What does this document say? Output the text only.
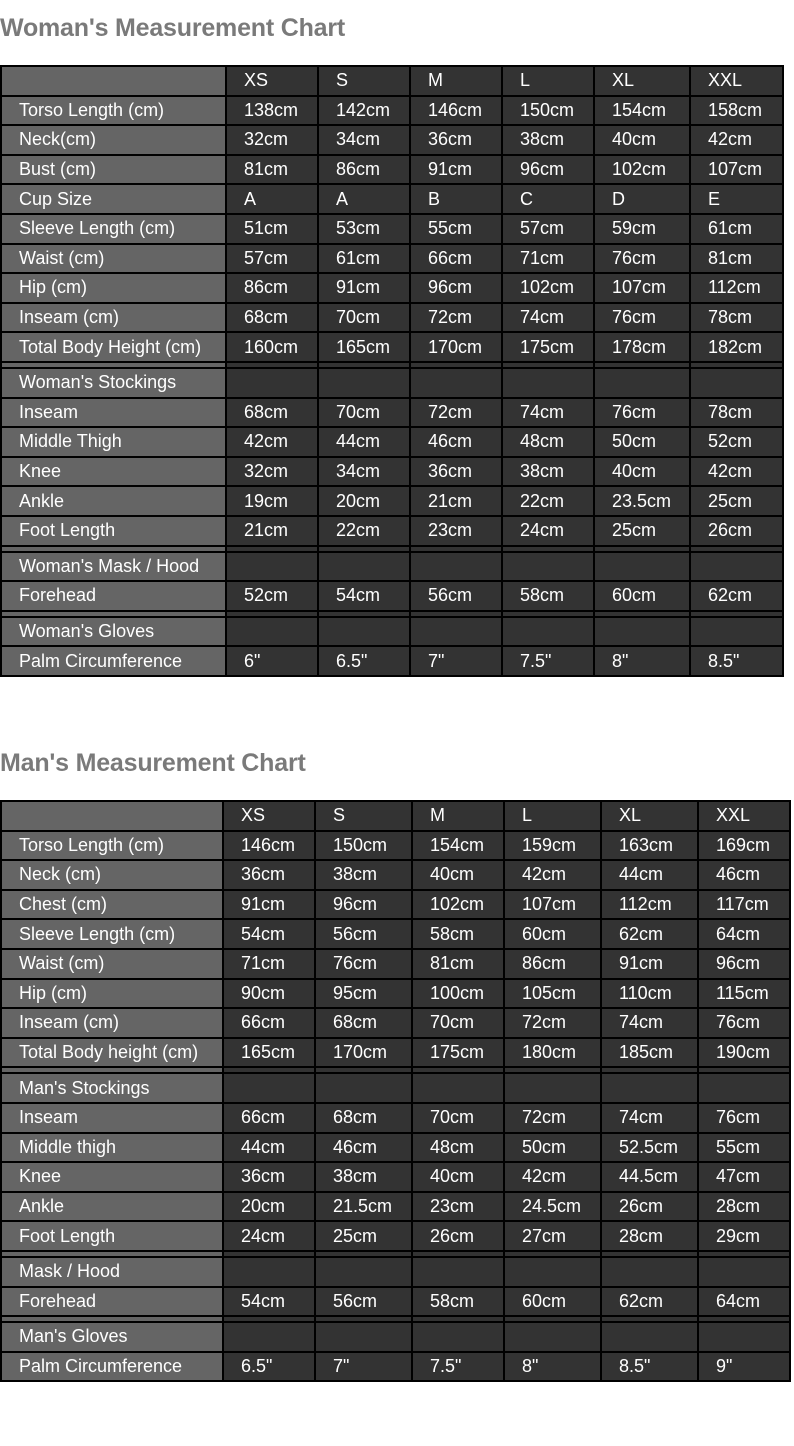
Woman's Measurement Chart
	XS	S	M	L	XL	XXL
Torso Length (cm)	138cm	142cm	146cm	150cm	154cm	158cm
Neck(cm)	32cm	34cm	36cm	38cm	40cm	42cm
Bust (cm)	81cm	86cm	91cm	96cm	102cm	107cm
Cup Size	A	A	B	C	D	E
Sleeve Length (cm)	51cm	53cm	55cm	57cm	59cm	61cm
Waist (cm)	57cm	61cm	66cm	71cm	76cm	81cm
Hip (cm)	86cm	91cm	96cm	102cm	107cm	112cm
Inseam (cm)	68cm	70cm	72cm	74cm	76cm	78cm
Total Body Height (cm)	160cm	165cm	170cm	175cm	178cm	182cm

Woman's Stockings						
Inseam	68cm	70cm	72cm	74cm	76cm	78cm
Middle Thigh	42cm	44cm	46cm	48cm	50cm	52cm
Knee	32cm	34cm	36cm	38cm	40cm	42cm
Ankle	19cm	20cm	21cm	22cm	23.5cm	25cm
Foot Length	21cm	22cm	23cm	24cm	25cm	26cm

Woman's Mask / Hood						
Forehead	52cm	54cm	56cm	58cm	60cm	62cm

Woman's Gloves						
Palm Circumference	6"	6.5"	7"	7.5"	8"	8.5"
Man's Measurement Chart
	XS	S	M	L	XL	XXL
Torso Length (cm)	146cm	150cm	154cm	159cm	163cm	169cm
Neck (cm)	36cm	38cm	40cm	42cm	44cm	46cm
Chest (cm)	91cm	96cm	102cm	107cm	112cm	117cm
Sleeve Length (cm)	54cm	56cm	58cm	60cm	62cm	64cm
Waist (cm)	71cm	76cm	81cm	86cm	91cm	96cm
Hip (cm)	90cm	95cm	100cm	105cm	110cm	115cm
Inseam (cm)	66cm	68cm	70cm	72cm	74cm	76cm
Total Body height (cm)	165cm	170cm	175cm	180cm	185cm	190cm

Man's Stockings						
Inseam	66cm	68cm	70cm	72cm	74cm	76cm
Middle thigh	44cm	46cm	48cm	50cm	52.5cm	55cm
Knee	36cm	38cm	40cm	42cm	44.5cm	47cm
Ankle	20cm	21.5cm	23cm	24.5cm	26cm	28cm
Foot Length	24cm	25cm	26cm	27cm	28cm	29cm

Mask / Hood						
Forehead	54cm	56cm	58cm	60cm	62cm	64cm

Man's Gloves						
Palm Circumference	6.5"	7"	7.5"	8"	8.5"	9"
